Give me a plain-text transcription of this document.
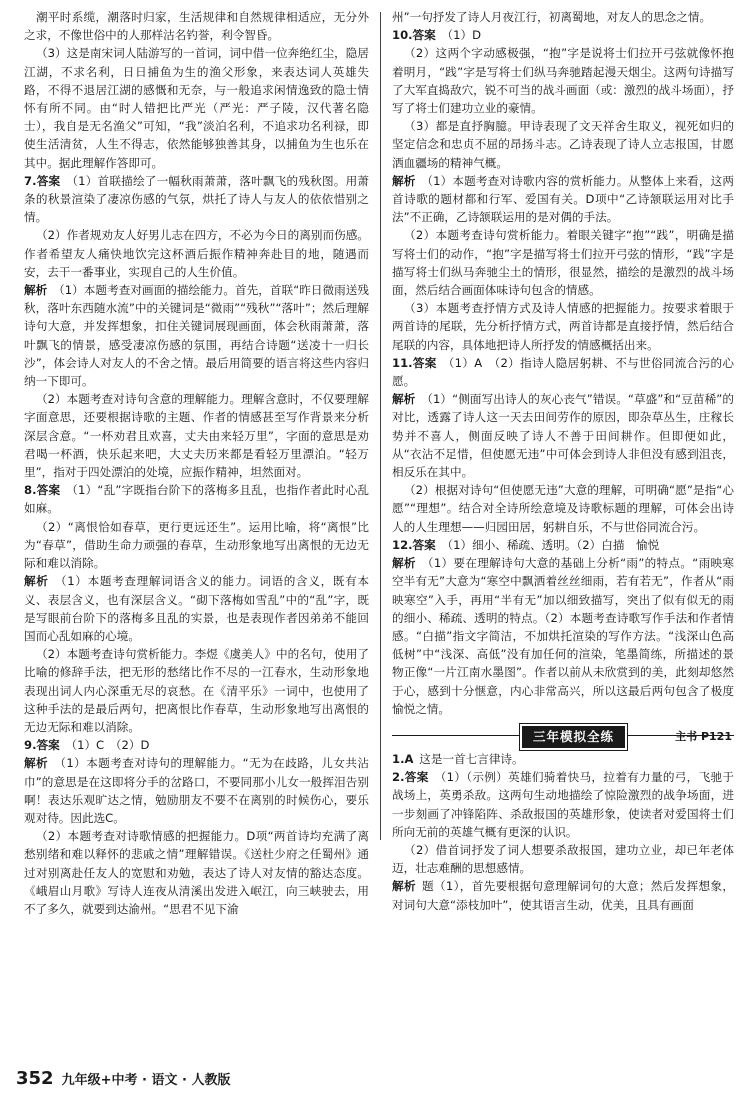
潮平时系缆，潮落时归家，生活规律和自然规律相适应，无分外之求，不像世俗中的人那样沽名钓誉，利令智昏。

（3）这是南宋词人陆游写的一首词，词中借一位奔绝红尘，隐居江湖，不求名利，日日捕鱼为生的渔父形象，来表达词人英雄失路，不得不退居江湖的感慨和无奈，与一般追求闲情逸致的隐士情怀有所不同。由“时人错把比严光（严光：严子陵，汉代著名隐士），我自是无名渔父”可知，“我”淡泊名利，不追求功名利禄，即使生活清贫，人生不得志，依然能够独善其身，以捕鱼为生也乐在其中。据此理解作答即可。

7.答案  （1）首联描绘了一幅秋雨萧萧，落叶飘飞的残秋图。用萧条的秋景渲染了凄凉伤感的气氛，烘托了诗人与友人的依依惜别之情。

（2）作者规劝友人好男儿志在四方，不必为今日的离别而伤感。作者希望友人痛快地饮完这杯酒后振作精神奔赴目的地，随遇而安，去干一番事业，实现自己的人生价值。

解析  （1）本题考查对画面的描绘能力。首先，首联“昨日微雨送残秋，落叶东西随水流”中的关键词是“微雨”“残秋”“落叶”；然后理解诗句大意，并发挥想象，扣住关键词展现画面，体会秋雨萧萧，落叶飘飞的情景，感受凄凉伤感的氛围，再结合诗题“送凌十一归长沙”，体会诗人对友人的不舍之情。最后用简要的语言将这些内容归纳一下即可。

（2）本题考查对诗句含意的理解能力。理解含意时，不仅要理解字面意思，还要根据诗歌的主题、作者的情感甚至写作背景来分析深层含意。“一杯劝君且欢喜，丈夫由来轻万里”，字面的意思是劝君喝一杯酒，快乐起来吧，大丈夫历来都是看轻万里漂泊。“轻万里”，指对于四处漂泊的处境，应振作精神，坦然面对。

8.答案  （1）“乱”字既指台阶下的落梅多且乱，也指作者此时心乱如麻。

（2）“离恨恰如春草，更行更远还生”。运用比喻，将“离恨”比为“春草”，借助生命力顽强的春草，生动形象地写出离恨的无边无际和难以消除。

解析  （1）本题考查理解词语含义的能力。词语的含义，既有本义、表层含义，也有深层含义。“砌下落梅如雪乱”中的“乱”字，既是写眼前台阶下的落梅多且乱的实景，也是表现作者因弟弟不能回国而心乱如麻的心境。

（2）本题考查诗句赏析能力。李煜《虞美人》中的名句，使用了比喻的修辞手法，把无形的愁绪比作不尽的一江春水，生动形象地表现出词人内心深重无尽的哀愁。在《清平乐》一词中，也使用了这种手法的是最后两句，把离恨比作春草，生动形象地写出离恨的无边无际和难以消除。

9.答案  （1）C　（2）D

解析  （1）本题考查对诗句的理解能力。“无为在歧路，儿女共沾巾”的意思是在这即将分手的岔路口，不要同那小儿女一般挥泪告别啊！表达乐观旷达之情，勉励朋友不要不在离别的时候伤心，要乐观对待。因此选C。

（2）本题考查对诗歌情感的把握能力。D项“两首诗均充满了离愁别绪和难以释怀的悲戚之情”理解错误。《送杜少府之任蜀州》通过对别离赴任友人的宽慰和劝勉，表达了诗人对友情的豁达态度。《峨眉山月歌》写诗人连夜从清溪出发进入岷江，向三峡驶去，用不了多久，就要到达渝州。“思君不见下渝

州”一句抒发了诗人月夜江行，初离蜀地，对友人的思念之情。

10.答案  （1）D

（2）这两个字动感极强，“抱”字是说将士们拉开弓弦就像怀抱着明月，“践”字是写将士们纵马奔驰踏起漫天烟尘。这两句诗描写了大军直捣敌穴，锐不可当的战斗画面（或：激烈的战斗场面），抒写了将士们建功立业的豪情。

（3）都是直抒胸臆。甲诗表现了文天祥舍生取义，视死如归的坚定信念和忠贞不屈的昂扬斗志。乙诗表现了诗人立志报国，甘愿洒血疆场的精神气概。

解析  （1）本题考查对诗歌内容的赏析能力。从整体上来看，这两首诗歌的题材都和行军、爱国有关。D项中“乙诗颔联运用对比手法”不正确，乙诗颔联运用的是对偶的手法。

（2）本题考查诗句赏析能力。着眼关键字“抱”“践”，明确是描写将士们的动作，“抱”字是描写将士们拉开弓弦的情形，“践”字是描写将士们纵马奔驰尘土的情形，很显然，描绘的是激烈的战斗场面，然后结合画面体味诗句包含的情感。

（3）本题考查抒情方式及诗人情感的把握能力。按要求着眼于两首诗的尾联，先分析抒情方式，两首诗都是直接抒情，然后结合尾联的内容，具体地把诗人所抒发的情感概括出来。

11.答案  （1）A　（2）指诗人隐居躬耕、不与世俗同流合污的心愿。

解析  （1）“侧面写出诗人的灰心丧气”错误。“草盛”和“豆苗稀”的对比，透露了诗人这一天去田间劳作的原因，即杂草丛生，庄稼长势并不喜人，侧面反映了诗人不善于田间耕作。但即便如此，从“衣沾不足惜，但使愿无违”中可体会到诗人非但没有感到沮丧，相反乐在其中。

（2）根据对诗句“但使愿无违”大意的理解，可明确“愿”是指“心愿”“理想”。结合对全诗所绘意境及诗歌标题的理解，可体会出诗人的人生理想——归园田居，躬耕自乐，不与世俗同流合污。

12.答案  （1）细小、稀疏、透明。（2）白描　愉悦

解析  （1）要在理解诗句大意的基础上分析“雨”的特点。“雨映寒空半有无”大意为“寒空中飘洒着丝丝细雨，若有若无”，作者从“雨映寒空”入手，再用“半有无”加以细致描写，突出了似有似无的雨的细小、稀疏、透明的特点。（2）本题考查诗歌写作手法和作者情感。“白描”指文字简洁，不加烘托渲染的写作方法。“浅深山色高低树”中“浅深、高低”没有加任何的渲染，笔墨简练，所描述的景物正像“一片江南水墨图”。作者以前从未欣赏到的美，此刻却悠然于心，感到十分惬意，内心非常高兴，所以这最后两句包含了极度愉悦之情。

三年模拟全练	主书 P121

1.A  这是一首七言律诗。

2.答案  （1）（示例）英雄们骑着快马，拉着有力量的弓，飞驰于战场上，英勇杀敌。这两句生动地描绘了惊险激烈的战争场面，进一步刻画了冲锋陷阵、杀敌报国的英雄形象，使读者对爱国将士们所向无前的英雄气概有更深的认识。

（2）借首词抒发了词人想要杀敌报国，建功立业，却已年老体迈，壮志难酬的思想感情。

解析  题（1），首先要根据句意理解词句的大意；然后发挥想象，对词句大意“添枝加叶”，使其语言生动，优美，且具有画面

352 九年级+中考 · 语文 · 人教版
